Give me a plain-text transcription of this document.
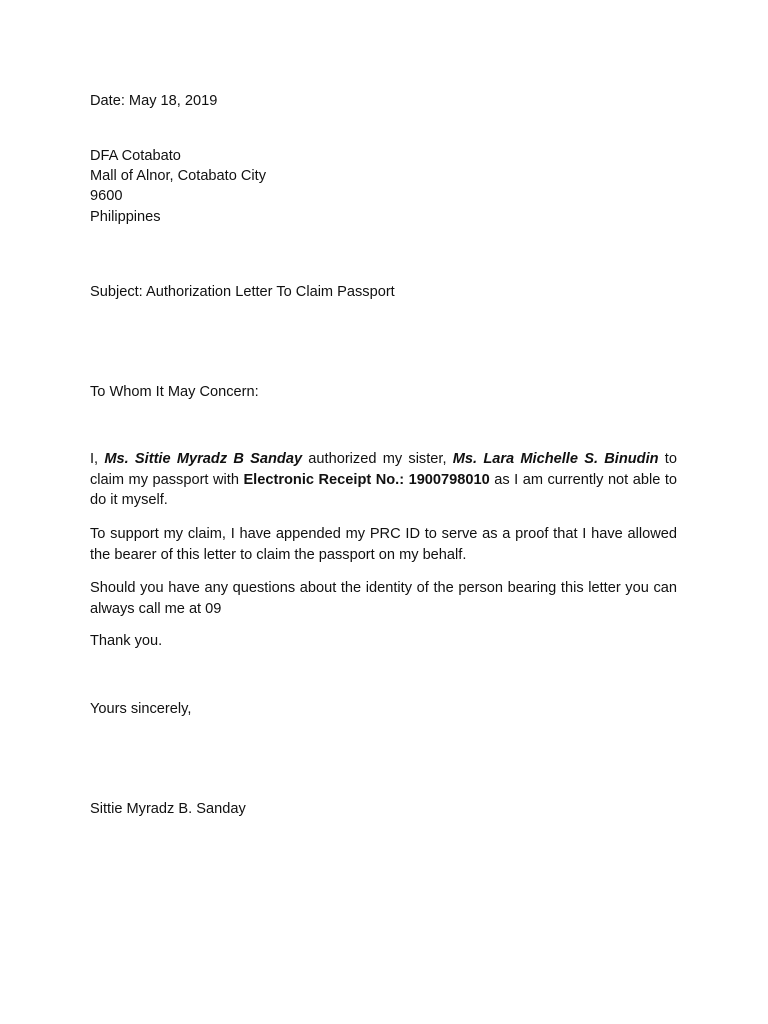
Date: May 18, 2019
DFA Cotabato
Mall of Alnor, Cotabato City
9600
Philippines
Subject: Authorization Letter To Claim Passport
To Whom It May Concern:
I, Ms. Sittie Myradz B Sanday authorized my sister, Ms. Lara Michelle S. Binudin to claim my passport with Electronic Receipt No.: 1900798010 as I am currently not able to do it myself.
To support my claim, I have appended my PRC ID to serve as a proof that I have allowed the bearer of this letter to claim the passport on my behalf.
Should you have any questions about the identity of the person bearing this letter you can always call me at 09
Thank you.
Yours sincerely,
Sittie Myradz B. Sanday
